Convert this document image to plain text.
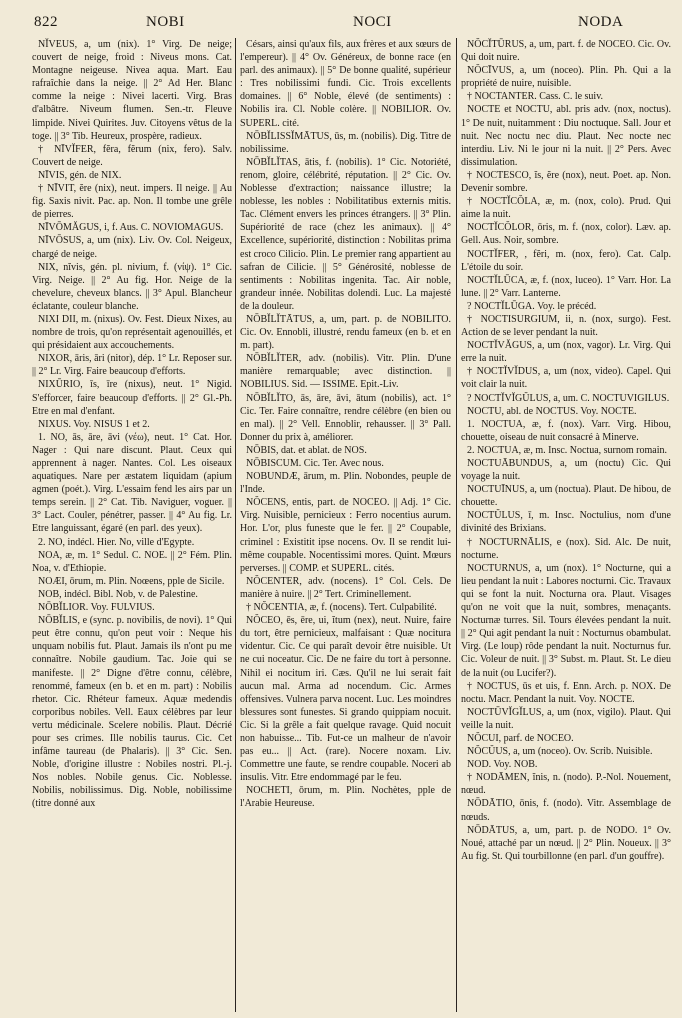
822	NOBI	NOCI	NODA

NĬVEUS, a, um (nix). 1° Virg. De neige; couvert de neige, froid : Niveus mons. Cat. Montagne neigeuse. Nivea aqua. Mart. Eau rafraîchie dans la neige. || 2° Ad Her. Blanc comme la neige : Nivei lacerti. Virg. Bras d'albâtre. Niveum flumen. Sen.-tr. Fleuve limpide. Nivei Quirites. Juv. Citoyens vêtus de la toge. || 3° Tib. Heureux, prospère, radieux.

† NĪVĬFER, fĕra, fĕrum (nix, fero). Salv. Couvert de neige.

NĪVIS, gén. de NIX.

† NĪVIT, ĕre (nix), neut. impers. Il neige. || Au fig. Saxis nivit. Pac. ap. Non. Il tombe une grêle de pierres.

NĪVŌMĂGUS, i, f. Aus. C. NOVIOMAGUS.

NĪVŌSUS, a, um (nix). Liv. Ov. Col. Neigeux, chargé de neige.

NIX, nĭvis, gén. pl. nivium, f. (νίψ). 1° Cic. Virg. Neige. || 2° Au fig. Hor. Neige de la chevelure, cheveux blancs. || 3° Apul. Blancheur éclatante, couleur blanche.

NIXI DII, m. (nixus). Ov. Fest. Dieux Nixes, au nombre de trois, qu'on représentait agenouillés, et qui présidaient aux accouchements.

NIXOR, āris, āri (nitor), dép. 1° Lr. Reposer sur. || 2° Lr. Virg. Faire beaucoup d'efforts.

NIXŪRIO, īs, īre (nixus), neut. 1° Nigid. S'efforcer, faire beaucoup d'efforts. || 2° Gl.-Ph. Etre en mal d'enfant.

NIXUS. Voy. NISUS 1 et 2.

1. NO, ās, āre, āvi (νέω), neut. 1° Cat. Hor. Nager : Qui nare discunt. Plaut. Ceux qui apprennent à nager. Nantes. Col. Les oiseaux aquatiques. Nare per æstatem liquidam (apium agmen (poét.). Virg. L'essaim fend les airs par un temps serein. || 2° Cat. Tib. Naviguer, voguer. || 3° Lact. Couler, pénétrer, passer. || 4° Au fig. Lr. Etre languissant, égaré (en parl. des yeux).

2. NO, indécl. Hier. No, ville d'Egypte.

NOA, æ, m. 1° Sedul. C. NOE. || 2° Fém. Plin. Noa, v. d'Ethiopie.

NOÆI, ōrum, m. Plin. Noœens, pple de Sicile.

NOB, indécl. Bibl. Nob, v. de Palestine.

NŌBĬLIOR. Voy. FULVIUS.

NŌBĬLIS, e (sync. p. novibilis, de novi). 1° Qui peut être connu, qu'on peut voir : Neque his unquam nobilis fut. Plaut. Jamais ils n'ont pu me connaître. Nobile gaudium. Tac. Joie qui se manifeste. || 2° Digne d'être connu, célèbre, renommé, fameux (en b. et en m. part) : Nobilis rhetor. Cic. Rhéteur fameux. Aquæ medendis corporibus nobiles. Vell. Eaux célèbres par leur vertu médicinale. Scelere nobilis. Plaut. Décrié pour ses crimes. Ille nobilis taurus. Cic. Cet infâme taureau (de Phalaris). || 3° Cic. Sen. Noble, d'origine illustre : Nobiles nostri. Pl.-j. Nos nobles. Nobile genus. Cic. Noblesse. Nobilis, nobilissimus. Dig. Noble, nobilissime (titre donné aux

Césars, ainsi qu'aux fils, aux frères et aux sœurs de l'empereur). || 4° Ov. Généreux, de bonne race (en parl. des animaux). || 5° De bonne qualité, supérieur : Tres nobilissimi fundi. Cic. Trois excellents domaines. || 6° Noble, élevé (de sentiments) : Nobilis ira. Cl. Noble colère. || NOBILIOR. Ov. SUPERL. cité.

NŌBĬLISSĬMĀTUS, ūs, m. (nobilis). Dig. Titre de nobilissime.

NŌBĬLĬTAS, ātis, f. (nobilis). 1° Cic. Notoriété, renom, gloire, célébrité, réputation. || 2° Cic. Ov. Noblesse d'extraction; naissance illustre; la noblesse, les nobles : Nobilitatibus externis mitis. Tac. Clément envers les princes étrangers. || 3° Plin. Supériorité de race (chez les animaux). || 4° Excellence, supériorité, distinction : Nobilitas prima est croco Cilicio. Plin. Le premier rang appartient au safran de Cilicie. || 5° Générosité, noblesse de sentiments : Nobilitas ingenita. Tac. Air noble, grandeur innée. Nobilitas dolendi. Luc. La majesté de la douleur.

NŌBĬLĬTĀTUS, a, um, part. p. de NOBILITO. Cic. Ov. Ennobli, illustré, rendu fameux (en b. et en m. part).

NŌBĬLĬTER, adv. (nobilis). Vitr. Plin. D'une manière remarquable; avec distinction. || NOBILIUS. Sid. — ISSIME. Epit.-Liv.

NŌBĬLĬTO, ās, āre, āvi, ātum (nobilis), act. 1° Cic. Ter. Faire connaître, rendre célèbre (en bien ou en mal). || 2° Vell. Ennoblir, rehausser. || 3° Pall. Donner du prix à, améliorer.

NŌBIS, dat. et ablat. de NOS.

NŌBISCUM. Cic. Ter. Avec nous.

NOBUNDÆ, ārum, m. Plin. Nobondes, peuple de l'Inde.

NŎCENS, entis, part. de NOCEO. || Adj. 1° Cic. Virg. Nuisible, pernicieux : Ferro nocentius aurum. Hor. L'or, plus funeste que le fer. || 2° Coupable, criminel : Existitit ipse nocens. Ov. Il se rendit lui-même coupable. Nocentissimi mores. Quint. Mœurs perverses. || COMP. et SUPERL. cités.

NŎCENTER, adv. (nocens). 1° Col. Cels. De manière à nuire. || 2° Tert. Criminellement.

† NŎCENTIA, æ, f. (nocens). Tert. Culpabilité.

NŎCEO, ēs, ēre, ui, ĭtum (nex), neut. Nuire, faire du tort, être pernicieux, malfaisant : Quæ nocitura videntur. Cic. Ce qui paraît devoir être nuisible. Ut ne cui noceatur. Cic. De ne faire du tort à personne. Nihil ei nocitum iri. Cæs. Qu'il ne lui serait fait aucun mal. Arma ad nocendum. Cic. Armes offensives. Vulnera parva nocent. Luc. Les moindres blessures sont funestes. Si grando quippiam nocuit. Cic. Si la grêle a fait quelque ravage. Quid nocuit non habuisse... Tib. Fut-ce un malheur de n'avoir pas eu... || Act. (rare). Nocere noxam. Liv. Commettre une faute, se rendre coupable. Noceri ab insulis. Vitr. Etre endommagé par le feu.

NOCHETI, ōrum, m. Plin. Nochètes, pple de l'Arabie Heureuse.

NŎCĬTŪRUS, a, um, part. f. de NOCEO. Cic. Ov. Qui doit nuire.

NŎCĪVUS, a, um (noceo). Plin. Ph. Qui a la propriété de nuire, nuisible.

† NOCTANTER. Cass. C. le suiv.

NOCTE et NOCTU, abl. pris adv. (nox, noctus). 1° De nuit, nuitamment : Diu noctuque. Sall. Jour et nuit. Nec noctu nec diu. Plaut. Nec nocte nec interdiu. Liv. Ni le jour ni la nuit. || 2° Pers. Avec dissimulation.

† NOCTESCO, ĭs, ĕre (nox), neut. Poet. ap. Non. Devenir sombre.

† NOCTĬCŎLA, æ, m. (nox, colo). Prud. Qui aime la nuit.

NOCTĬCŎLOR, ōris, m. f. (nox, color). Læv. ap. Gell. Aus. Noir, sombre.

NOCTĬFER, , fĕri, m. (nox, fero). Cat. Calp. L'étoile du soir.

NOCTĬLŪCA, æ, f. (nox, luceo). 1° Varr. Hor. La lune. || 2° Varr. Lanterne.

? NOCTĬLŪGA. Voy. le précéd.

† NOCTISURGIUM, ii, n. (nox, surgo). Fest. Action de se lever pendant la nuit.

NOCTĬVĂGUS, a, um (nox, vagor). Lr. Virg. Qui erre la nuit.

† NOCTĬVĬDUS, a, um (nox, video). Capel. Qui voit clair la nuit.

? NOCTĬVĬGŬLUS, a, um. C. NOCTUVIGILUS.

NOCTU, abl. de NOCTUS. Voy. NOCTE.

1. NOCTUA, æ, f. (nox). Varr. Virg. Hibou, chouette, oiseau de nuit consacré à Minerve.

2. NOCTUA, æ, m. Insc. Noctua, surnom romain.

NOCTUĀBUNDUS, a, um (noctu) Cic. Qui voyage la nuit.

NOCTUĪNUS, a, um (noctua). Plaut. De hibou, de chouette.

NOCTŬLUS, ī, m. Insc. Noctulius, nom d'une divinité des Brixians.

† NOCTURNĀLIS, e (nox). Sid. Alc. De nuit, nocturne.

NOCTURNUS, a, um (nox). 1° Nocturne, qui a lieu pendant la nuit : Labores nocturni. Cic. Travaux qui se font la nuit. Nocturna ora. Plaut. Visages qu'on ne voit que la nuit, sombres, menaçants. Nocturnæ turres. Sil. Tours élevées pendant la nuit. || 2° Qui agit pendant la nuit : Nocturnus obambulat. Virg. (Le loup) rôde pendant la nuit. Nocturnus fur. Cic. Voleur de nuit. || 3° Subst. m. Plaut. St. Le dieu de la nuit (ou Lucifer?).

† NOCTUS, ūs et uis, f. Enn. Arch. p. NOX. De noctu. Macr. Pendant la nuit. Voy. NOCTE.

NOCTŪVĬGĬLUS, a, um (nox, vigilo). Plaut. Qui veille la nuit.

NŎCUI, parf. de NOCEO.

NŎCŬUS, a, um (noceo). Ov. Scrib. Nuisible.

NOD. Voy. NOB.

† NODĀMEN, ĭnis, n. (nodo). P.-Nol. Nouement, nœud.

NŌDĀTIO, ōnis, f. (nodo). Vitr. Assemblage de nœuds.

NŌDĀTUS, a, um, part. p. de NODO. 1° Ov. Noué, attaché par un nœud. || 2° Plin. Noueux. || 3° Au fig. St. Qui tourbillonne (en parl. d'un gouffre).
